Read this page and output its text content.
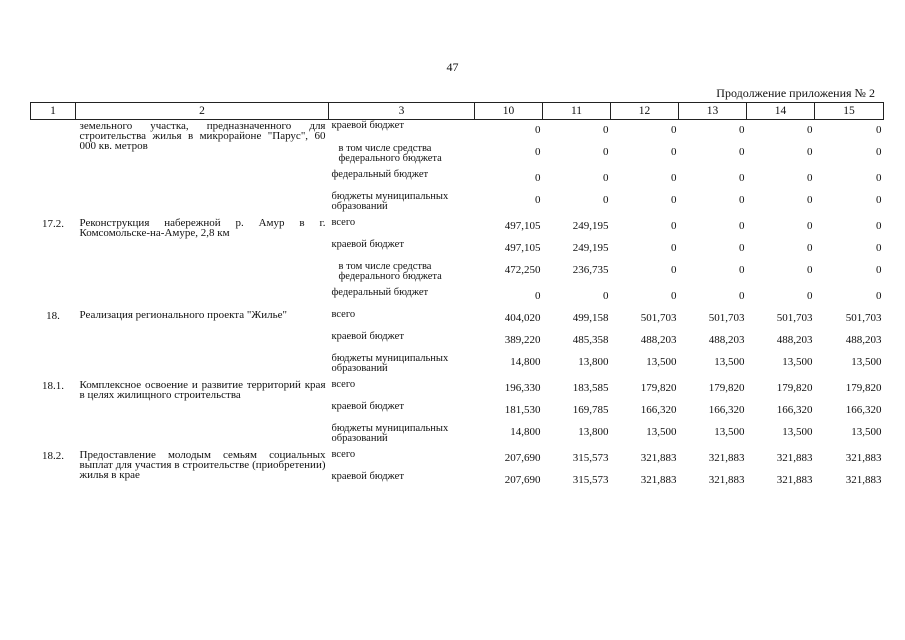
47
Продолжение приложения № 2
1	2	3	10	11	12	13	14	15
	земельного участка, предназначенного для строительства жилья в микрорайоне "Парус", 60 000 кв. метров	краевой бюджет	0	0	0	0	0	0
		в том числе средства федерального бюджета	0	0	0	0	0	0
		федеральный бюджет	0	0	0	0	0	0
		бюджеты муниципальных образований	0	0	0	0	0	0
17.2.	Реконструкция набережной р. Амур в г. Комсомольске-на-Амуре, 2,8 км	всего	497,105	249,195	0	0	0	0
		краевой бюджет	497,105	249,195	0	0	0	0
		в том числе средства федерального бюджета	472,250	236,735	0	0	0	0
		федеральный бюджет	0	0	0	0	0	0
18.	Реализация регионального проекта "Жилье"	всего	404,020	499,158	501,703	501,703	501,703	501,703
		краевой бюджет	389,220	485,358	488,203	488,203	488,203	488,203
		бюджеты муниципальных образований	14,800	13,800	13,500	13,500	13,500	13,500
18.1.	Комплексное освоение и развитие территорий края в целях жилищного строительства	всего	196,330	183,585	179,820	179,820	179,820	179,820
		краевой бюджет	181,530	169,785	166,320	166,320	166,320	166,320
		бюджеты муниципальных образований	14,800	13,800	13,500	13,500	13,500	13,500
18.2.	Предоставление молодым семьям социальных выплат для участия в строительстве (приобретении) жилья в крае	всего	207,690	315,573	321,883	321,883	321,883	321,883
		краевой бюджет	207,690	315,573	321,883	321,883	321,883	321,883
